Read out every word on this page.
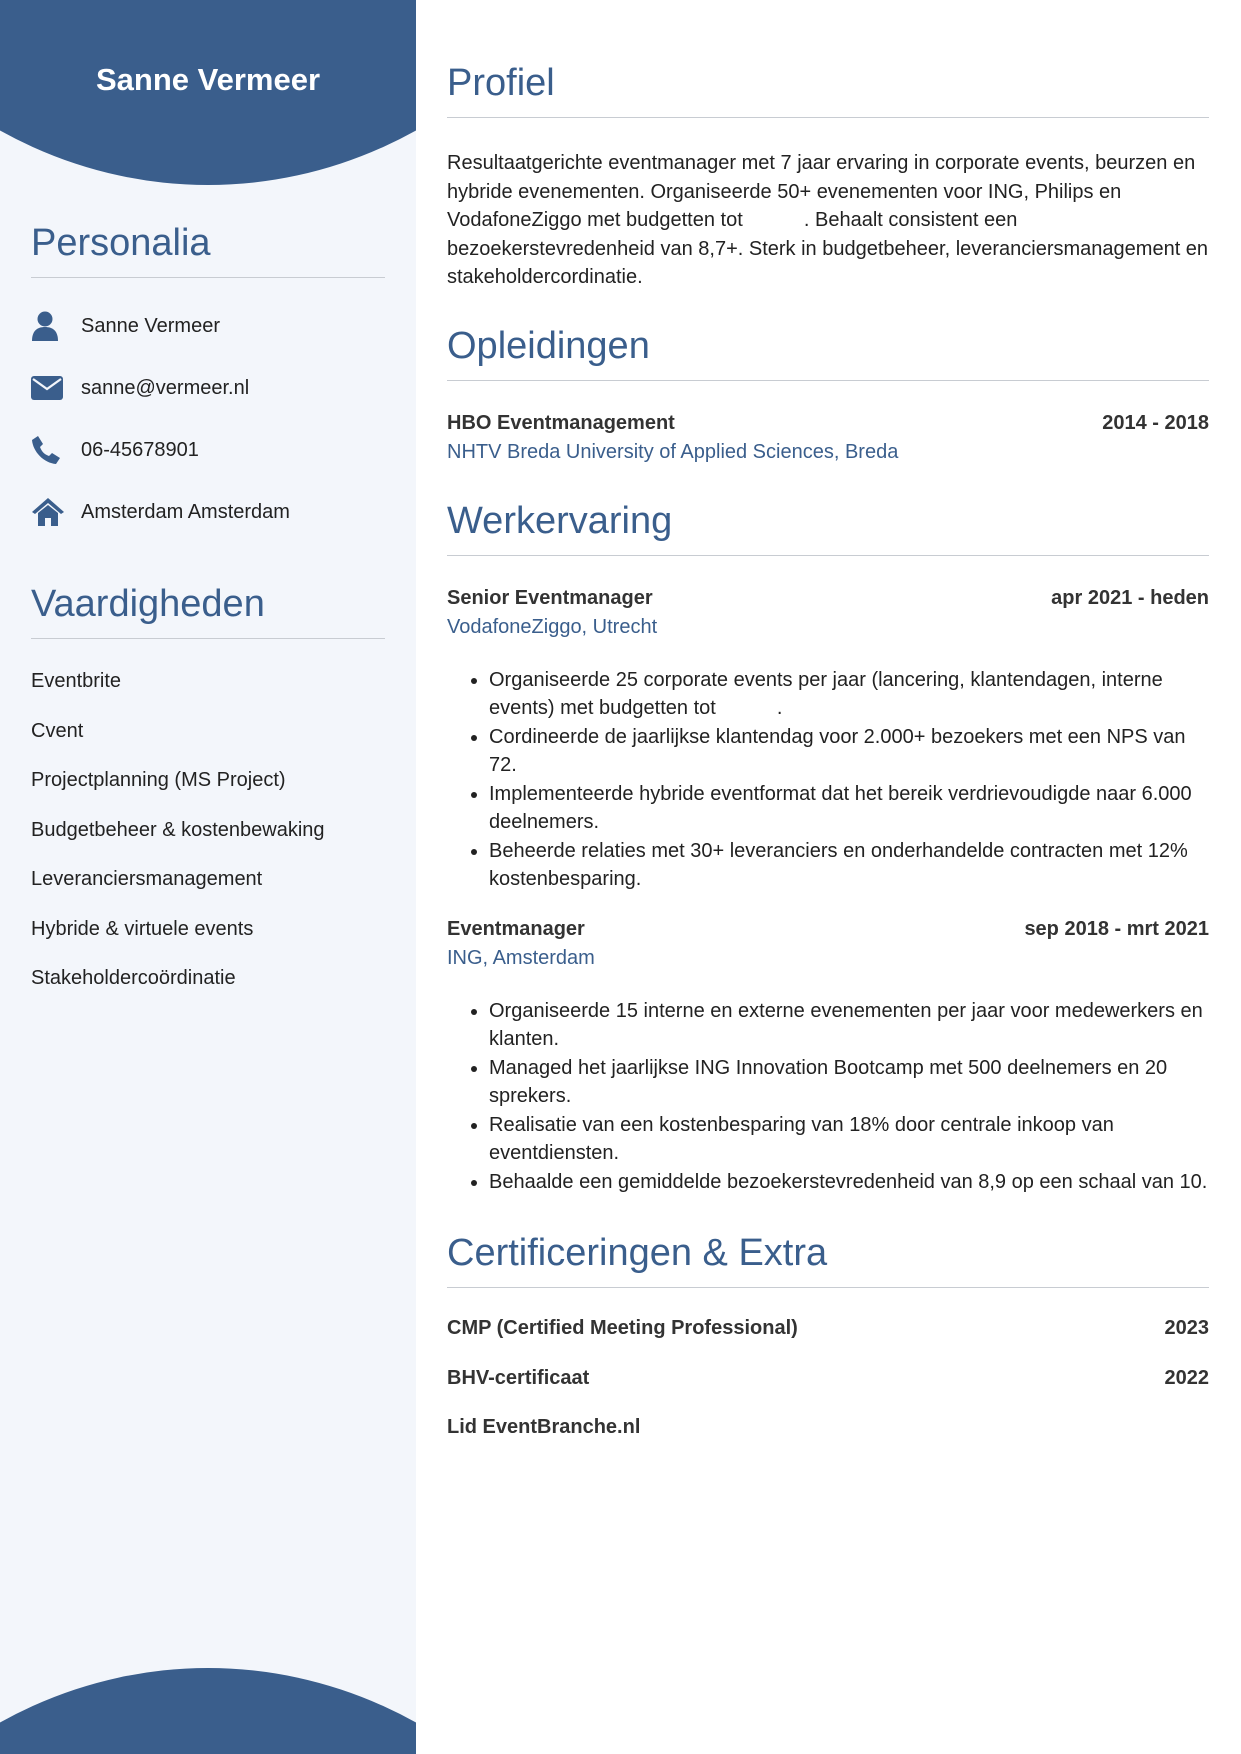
Sanne Vermeer
Personalia
Sanne Vermeer
sanne@vermeer.nl
06-45678901
Amsterdam Amsterdam
Vaardigheden
Eventbrite
Cvent
Projectplanning (MS Project)
Budgetbeheer & kostenbewaking
Leveranciersmanagement
Hybride & virtuele events
Stakeholdercoördinatie
Profiel

Resultaatgerichte eventmanager met 7 jaar ervaring in corporate events, beurzen en hybride evenementen. Organiseerde 50+ evenementen voor ING, Philips en VodafoneZiggo met budgetten tot           . Behaalt consistent een bezoekerstevredenheid van 8,7+. Sterk in budgetbeheer, leveranciersmanagement en stakeholdercordinatie.

Opleidingen
HBO Eventmanagement	2014 - 2018
NHTV Breda University of Applied Sciences, Breda
Werkervaring
Senior Eventmanager	apr 2021 - heden
VodafoneZiggo, Utrecht
• Organiseerde 25 corporate events per jaar (lancering, klantendagen, interne events) met budgetten tot           .
• Cordineerde de jaarlijkse klantendag voor 2.000+ bezoekers met een NPS van 72.
• Implementeerde hybride eventformat dat het bereik verdrievoudigde naar 6.000 deelnemers.
• Beheerde relaties met 30+ leveranciers en onderhandelde contracten met 12% kostenbesparing.
Eventmanager	sep 2018 - mrt 2021
ING, Amsterdam
• Organiseerde 15 interne en externe evenementen per jaar voor medewerkers en klanten.
• Managed het jaarlijkse ING Innovation Bootcamp met 500 deelnemers en 20 sprekers.
• Realisatie van een kostenbesparing van 18% door centrale inkoop van eventdiensten.
• Behaalde een gemiddelde bezoekerstevredenheid van 8,9 op een schaal van 10.
Certificeringen & Extra
CMP (Certified Meeting Professional)	2023
BHV-certificaat	2022
Lid EventBranche.nl
